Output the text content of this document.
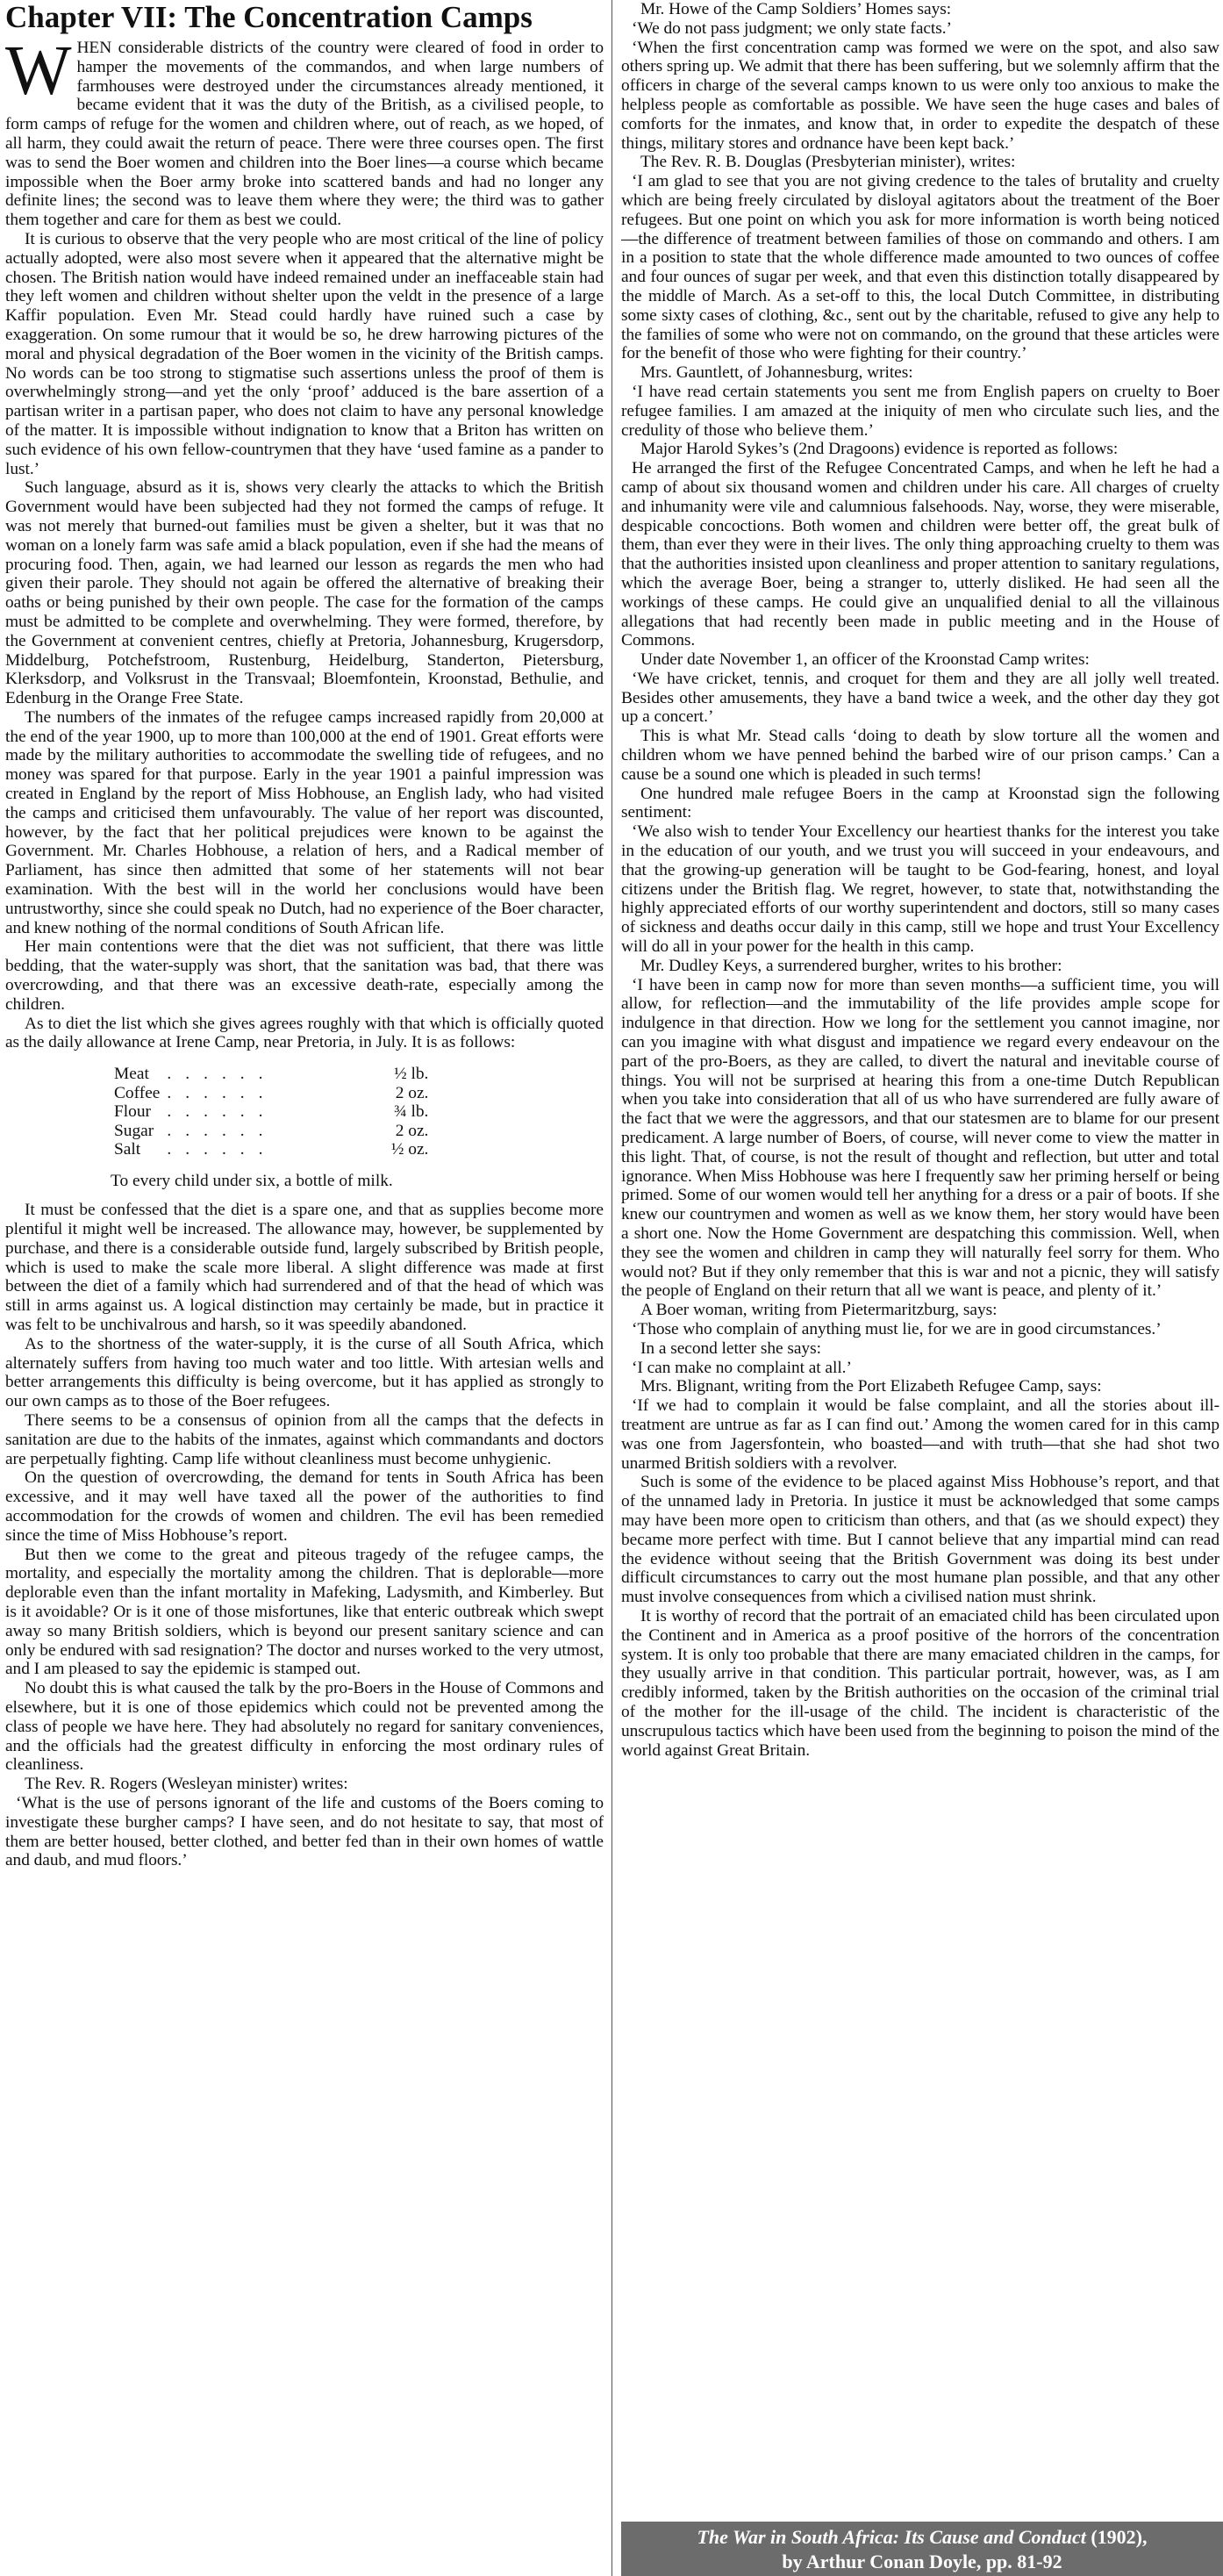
Chapter VII: The Concentration Camps

WHEN considerable districts of the country were cleared of food in order to hamper the movements of the commandos, and when large numbers of farmhouses were destroyed under the circumstances already mentioned, it became evident that it was the duty of the British, as a civilised people, to form camps of refuge for the women and children where, out of reach, as we hoped, of all harm, they could await the return of peace. There were three courses open. The first was to send the Boer women and children into the Boer lines—a course which became impossible when the Boer army broke into scattered bands and had no longer any definite lines; the second was to leave them where they were; the third was to gather them together and care for them as best we could.

It is curious to observe that the very people who are most critical of the line of policy actually adopted, were also most severe when it appeared that the alternative might be chosen. The British nation would have indeed remained under an ineffaceable stain had they left women and children without shelter upon the veldt in the presence of a large Kaffir population. Even Mr. Stead could hardly have ruined such a case by exaggeration. On some rumour that it would be so, he drew harrowing pictures of the moral and physical degradation of the Boer women in the vicinity of the British camps. No words can be too strong to stigmatise such assertions unless the proof of them is overwhelmingly strong—and yet the only ‘proof’ adduced is the bare assertion of a partisan writer in a partisan paper, who does not claim to have any personal knowledge of the matter. It is impossible without indignation to know that a Briton has written on such evidence of his own fellow-countrymen that they have ‘used famine as a pander to lust.’

Such language, absurd as it is, shows very clearly the attacks to which the British Government would have been subjected had they not formed the camps of refuge. It was not merely that burned-out families must be given a shelter, but it was that no woman on a lonely farm was safe amid a black population, even if she had the means of procuring food. Then, again, we had learned our lesson as regards the men who had given their parole. They should not again be offered the alternative of breaking their oaths or being punished by their own people. The case for the formation of the camps must be admitted to be complete and overwhelming. They were formed, therefore, by the Government at convenient centres, chiefly at Pretoria, Johannesburg, Krugersdorp, Middelburg, Potchefstroom, Rustenburg, Heidelburg, Standerton, Pietersburg, Klerksdorp, and Volksrust in the Transvaal; Bloemfontein, Kroonstad, Bethulie, and Edenburg in the Orange Free State.

The numbers of the inmates of the refugee camps increased rapidly from 20,000 at the end of the year 1900, up to more than 100,000 at the end of 1901. Great efforts were made by the military authorities to accommodate the swelling tide of refugees, and no money was spared for that purpose. Early in the year 1901 a painful impression was created in England by the report of Miss Hobhouse, an English lady, who had visited the camps and criticised them unfavourably. The value of her report was discounted, however, by the fact that her political prejudices were known to be against the Government. Mr. Charles Hobhouse, a relation of hers, and a Radical member of Parliament, has since then admitted that some of her statements will not bear examination. With the best will in the world her conclusions would have been untrustworthy, since she could speak no Dutch, had no experience of the Boer character, and knew nothing of the normal conditions of South African life.

Her main contentions were that the diet was not sufficient, that there was little bedding, that the water-supply was short, that the sanitation was bad, that there was overcrowding, and that there was an excessive death-rate, especially among the children.

As to diet the list which she gives agrees roughly with that which is officially quoted as the daily allowance at Irene Camp, near Pretoria, in July. It is as follows:

Meat	......	½ lb.
Coffee	......	2 oz.
Flour	......	¾ lb.
Sugar	......	2 oz.
Salt	......	½ oz.
To every child under six, a bottle of milk.

It must be confessed that the diet is a spare one, and that as supplies become more plentiful it might well be increased. The allowance may, however, be supplemented by purchase, and there is a considerable outside fund, largely subscribed by British people, which is used to make the scale more liberal. A slight difference was made at first between the diet of a family which had surrendered and of that the head of which was still in arms against us. A logical distinction may certainly be made, but in practice it was felt to be unchivalrous and harsh, so it was speedily abandoned.

As to the shortness of the water-supply, it is the curse of all South Africa, which alternately suffers from having too much water and too little. With artesian wells and better arrangements this difficulty is being overcome, but it has applied as strongly to our own camps as to those of the Boer refugees.

There seems to be a consensus of opinion from all the camps that the defects in sanitation are due to the habits of the inmates, against which commandants and doctors are perpetually fighting. Camp life without cleanliness must become unhygienic.

On the question of overcrowding, the demand for tents in South Africa has been excessive, and it may well have taxed all the power of the authorities to find accommodation for the crowds of women and children. The evil has been remedied since the time of Miss Hobhouse’s report.

But then we come to the great and piteous tragedy of the refugee camps, the mortality, and especially the mortality among the children. That is deplorable—more deplorable even than the infant mortality in Mafeking, Ladysmith, and Kimberley. But is it avoidable? Or is it one of those misfortunes, like that enteric outbreak which swept away so many British soldiers, which is beyond our present sanitary science and can only be endured with sad resignation? The doctor and nurses worked to the very utmost, and I am pleased to say the epidemic is stamped out.

No doubt this is what caused the talk by the pro-Boers in the House of Commons and elsewhere, but it is one of those epidemics which could not be prevented among the class of people we have here. They had absolutely no regard for sanitary conveniences, and the officials had the greatest difficulty in enforcing the most ordinary rules of cleanliness.

The Rev. R. Rogers (Wesleyan minister) writes:

‘What is the use of persons ignorant of the life and customs of the Boers coming to investigate these burgher camps? I have seen, and do not hesitate to say, that most of them are better housed, better clothed, and better fed than in their own homes of wattle and daub, and mud floors.’

Mr. Howe of the Camp Soldiers’ Homes says:

‘We do not pass judgment; we only state facts.’

‘When the first concentration camp was formed we were on the spot, and also saw others spring up. We admit that there has been suffering, but we solemnly affirm that the officers in charge of the several camps known to us were only too anxious to make the helpless people as comfortable as possible. We have seen the huge cases and bales of comforts for the inmates, and know that, in order to expedite the despatch of these things, military stores and ordnance have been kept back.’

The Rev. R. B. Douglas (Presbyterian minister), writes:

‘I am glad to see that you are not giving credence to the tales of brutality and cruelty which are being freely circulated by disloyal agitators about the treatment of the Boer refugees. But one point on which you ask for more information is worth being noticed—the difference of treatment between families of those on commando and others. I am in a position to state that the whole difference made amounted to two ounces of coffee and four ounces of sugar per week, and that even this distinction totally disappeared by the middle of March. As a set-off to this, the local Dutch Committee, in distributing some sixty cases of clothing, &c., sent out by the charitable, refused to give any help to the families of some who were not on commando, on the ground that these articles were for the benefit of those who were fighting for their country.’

Mrs. Gauntlett, of Johannesburg, writes:

‘I have read certain statements you sent me from English papers on cruelty to Boer refugee families. I am amazed at the iniquity of men who circulate such lies, and the credulity of those who believe them.’

Major Harold Sykes’s (2nd Dragoons) evidence is reported as follows:

He arranged the first of the Refugee Concentrated Camps, and when he left he had a camp of about six thousand women and children under his care. All charges of cruelty and inhumanity were vile and calumnious falsehoods. Nay, worse, they were miserable, despicable concoctions. Both women and children were better off, the great bulk of them, than ever they were in their lives. The only thing approaching cruelty to them was that the authorities insisted upon cleanliness and proper attention to sanitary regulations, which the average Boer, being a stranger to, utterly disliked. He had seen all the workings of these camps. He could give an unqualified denial to all the villainous allegations that had recently been made in public meeting and in the House of Commons.

Under date November 1, an officer of the Kroonstad Camp writes:

‘We have cricket, tennis, and croquet for them and they are all jolly well treated. Besides other amusements, they have a band twice a week, and the other day they got up a concert.’

This is what Mr. Stead calls ‘doing to death by slow torture all the women and children whom we have penned behind the barbed wire of our prison camps.’ Can a cause be a sound one which is pleaded in such terms!

One hundred male refugee Boers in the camp at Kroonstad sign the following sentiment:

‘We also wish to tender Your Excellency our heartiest thanks for the interest you take in the education of our youth, and we trust you will succeed in your endeavours, and that the growing-up generation will be taught to be God-fearing, honest, and loyal citizens under the British flag. We regret, however, to state that, notwithstanding the highly appreciated efforts of our worthy superintendent and doctors, still so many cases of sickness and deaths occur daily in this camp, still we hope and trust Your Excellency will do all in your power for the health in this camp.

Mr. Dudley Keys, a surrendered burgher, writes to his brother:

‘I have been in camp now for more than seven months—a sufficient time, you will allow, for reflection—and the immutability of the life provides ample scope for indulgence in that direction. How we long for the settlement you cannot imagine, nor can you imagine with what disgust and impatience we regard every endeavour on the part of the pro-Boers, as they are called, to divert the natural and inevitable course of things. You will not be surprised at hearing this from a one-time Dutch Republican when you take into consideration that all of us who have surrendered are fully aware of the fact that we were the aggressors, and that our statesmen are to blame for our present predicament. A large number of Boers, of course, will never come to view the matter in this light. That, of course, is not the result of thought and reflection, but utter and total ignorance. When Miss Hobhouse was here I frequently saw her priming herself or being primed. Some of our women would tell her anything for a dress or a pair of boots. If she knew our countrymen and women as well as we know them, her story would have been a short one. Now the Home Government are despatching this commission. Well, when they see the women and children in camp they will naturally feel sorry for them. Who would not? But if they only remember that this is war and not a picnic, they will satisfy the people of England on their return that all we want is peace, and plenty of it.’

A Boer woman, writing from Pietermaritzburg, says:

‘Those who complain of anything must lie, for we are in good circumstances.’

In a second letter she says:

‘I can make no complaint at all.’

Mrs. Blignant, writing from the Port Elizabeth Refugee Camp, says:

‘If we had to complain it would be false complaint, and all the stories about ill-treatment are untrue as far as I can find out.’ Among the women cared for in this camp was one from Jagersfontein, who boasted—and with truth—that she had shot two unarmed British soldiers with a revolver.

Such is some of the evidence to be placed against Miss Hobhouse’s report, and that of the unnamed lady in Pretoria. In justice it must be acknowledged that some camps may have been more open to criticism than others, and that (as we should expect) they became more perfect with time. But I cannot believe that any impartial mind can read the evidence without seeing that the British Government was doing its best under difficult circumstances to carry out the most humane plan possible, and that any other must involve consequences from which a civilised nation must shrink.

It is worthy of record that the portrait of an emaciated child has been circulated upon the Continent and in America as a proof positive of the horrors of the concentration system. It is only too probable that there are many emaciated children in the camps, for they usually arrive in that condition. This particular portrait, however, was, as I am credibly informed, taken by the British authorities on the occasion of the criminal trial of the mother for the ill-usage of the child. The incident is characteristic of the unscrupulous tactics which have been used from the beginning to poison the mind of the world against Great Britain.

The War in South Africa: Its Cause and Conduct (1902),
by Arthur Conan Doyle, pp. 81-92
